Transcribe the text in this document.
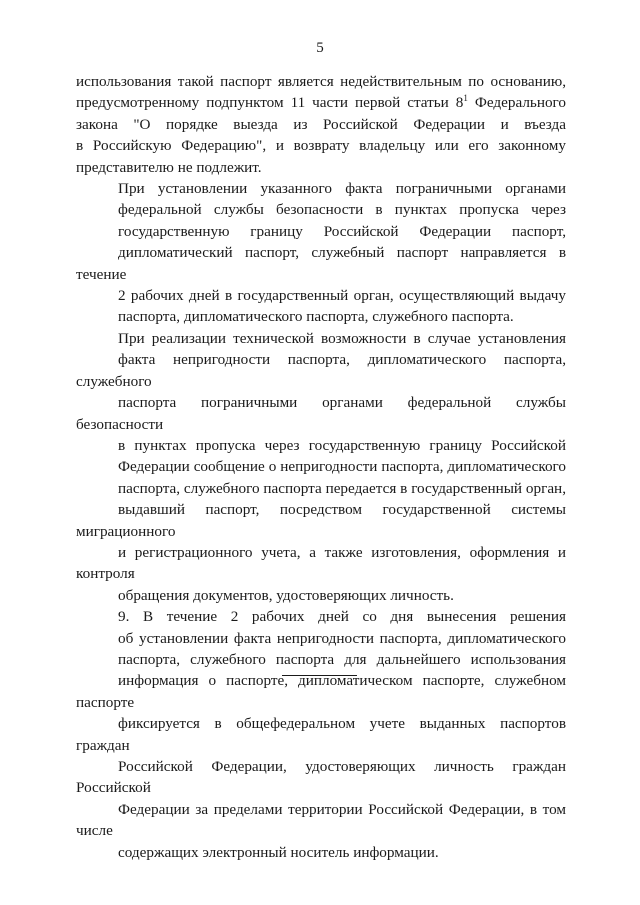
5

использования такой паспорт является недействительным по основанию,
предусмотренному подпунктом 11 части первой статьи $8^1$ Федерального
закона "О порядке выезда из Российской Федерации и въезда
в Российскую Федерацию", и возврату владельцу или его законному
представителю не подлежит.

При установлении указанного факта пограничными органами
федеральной службы безопасности в пунктах пропуска через
государственную границу Российской Федерации паспорт,
дипломатический паспорт, служебный паспорт направляется в течение
2 рабочих дней в государственный орган, осуществляющий выдачу
паспорта, дипломатического паспорта, служебного паспорта.

При реализации технической возможности в случае установления
факта непригодности паспорта, дипломатического паспорта, служебного
паспорта пограничными органами федеральной службы безопасности
в пунктах пропуска через государственную границу Российской
Федерации сообщение о непригодности паспорта, дипломатического
паспорта, служебного паспорта передается в государственный орган,
выдавший паспорт, посредством государственной системы миграционного
и регистрационного учета, а также изготовления, оформления и контроля
обращения документов, удостоверяющих личность.

9. В течение 2 рабочих дней со дня вынесения решения
об установлении факта непригодности паспорта, дипломатического
паспорта, служебного паспорта для дальнейшего использования
информация о паспорте, дипломатическом паспорте, служебном паспорте
фиксируется в общефедеральном учете выданных паспортов граждан
Российской Федерации, удостоверяющих личность граждан Российской
Федерации за пределами территории Российской Федерации, в том числе
содержащих электронный носитель информации.
